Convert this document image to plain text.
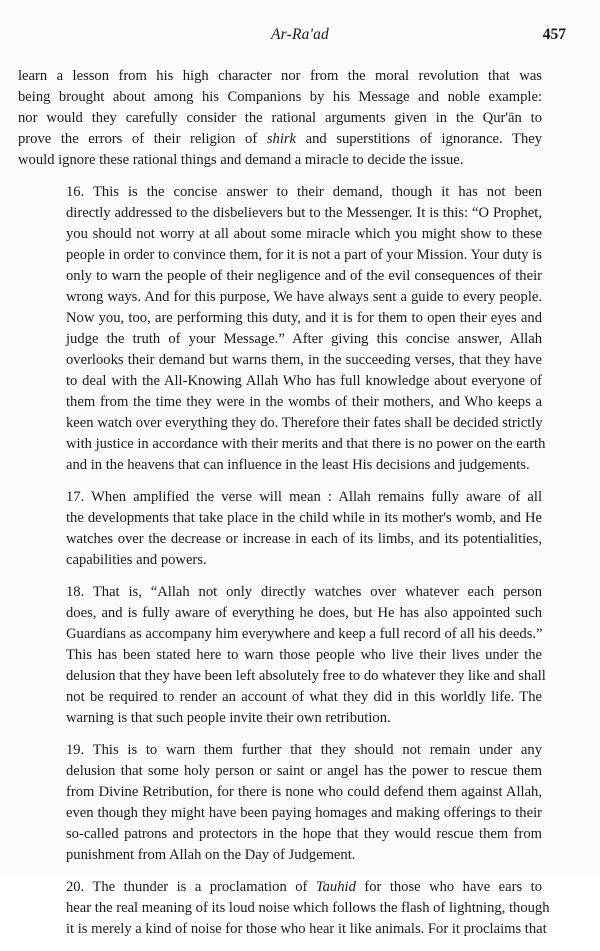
Ar-Ra'ad	457

learn a lesson from his high character nor from the moral revolution that was
being brought about among his Companions by his Message and noble example:
nor would they carefully consider the rational arguments given in the Qur'ān to
prove the errors of their religion of shirk and superstitions of ignorance. They
would ignore these rational things and demand a miracle to decide the issue.

16. This is the concise answer to their demand, though it has not been
directly addressed to the disbelievers but to the Messenger. It is this: “O Prophet,
you should not worry at all about some miracle which you might show to these
people in order to convince them, for it is not a part of your Mission. Your duty is
only to warn the people of their negligence and of the evil consequences of their
wrong ways. And for this purpose, We have always sent a guide to every people.
Now you, too, are performing this duty, and it is for them to open their eyes and
judge the truth of your Message.” After giving this concise answer, Allah
overlooks their demand but warns them, in the succeeding verses, that they have
to deal with the All-Knowing Allah Who has full knowledge about everyone of
them from the time they were in the wombs of their mothers, and Who keeps a
keen watch over everything they do. Therefore their fates shall be decided strictly
with justice in accordance with their merits and that there is no power on the earth
and in the heavens that can influence in the least His decisions and judgements.

17. When amplified the verse will mean : Allah remains fully aware of all
the developments that take place in the child while in its mother's womb, and He
watches over the decrease or increase in each of its limbs, and its potentialities,
capabilities and powers.

18. That is, “Allah not only directly watches over whatever each person
does, and is fully aware of everything he does, but He has also appointed such
Guardians as accompany him everywhere and keep a full record of all his deeds.”
This has been stated here to warn those people who live their lives under the
delusion that they have been left absolutely free to do whatever they like and shall
not be required to render an account of what they did in this worldly life. The
warning is that such people invite their own retribution.

19. This is to warn them further that they should not remain under any
delusion that some holy person or saint or angel has the power to rescue them
from Divine Retribution, for there is none who could defend them against Allah,
even though they might have been paying homages and making offerings to their
so-called patrons and protectors in the hope that they would rescue them from
punishment from Allah on the Day of Judgement.

20. The thunder is a proclamation of Tauhid for those who have ears to
hear the real meaning of its loud noise which follows the flash of lightning, though
it is merely a kind of noise for those who hear it like animals. For it proclaims that
